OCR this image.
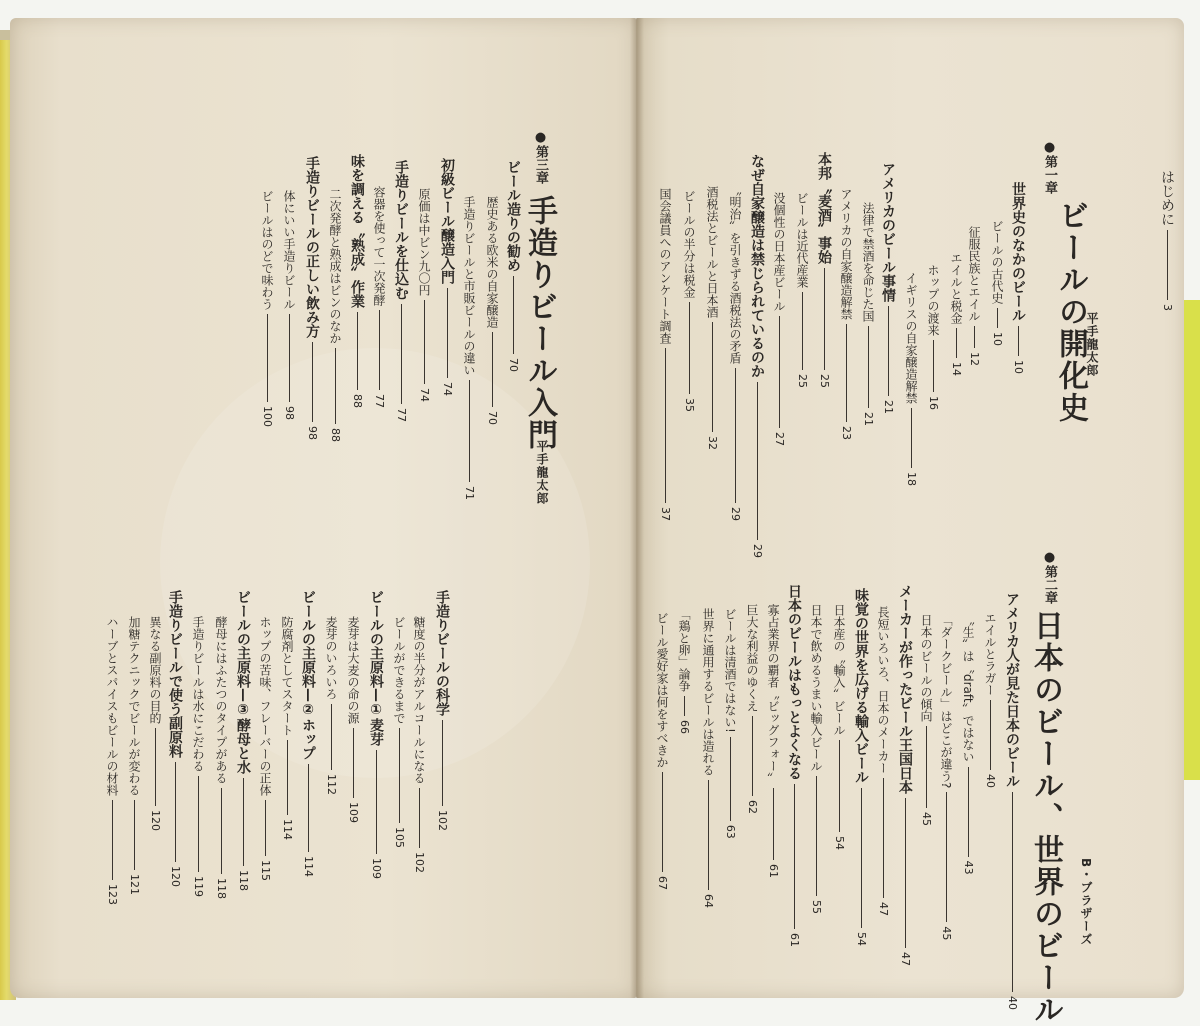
はじめに3
●第一章
ビールの開化史
平手龍太郎
世界史のなかのビール10
ビールの古代史10
征服民族とエイル12
エイルと税金14
ホップの渡来16
イギリスの自家醸造解禁18
アメリカのビール事情21
法律で禁酒を命じた国21
アメリカの自家醸造解禁23
本邦〝麦酒〟事始25
ビールは近代産業25
没個性の日本産ビール27
なぜ自家醸造は禁じられているのか29
〝明治〟を引きずる酒税法の矛盾29
酒税法とビールと日本酒32
ビールの半分は税金35
国会議員へのアンケート調査37
●第二章
日本のビール、世界のビール B・ブラザーズ
アメリカ人が見た日本のビール40
エイルとラガー40
〝生〟は〝draft〟ではない43
「ダークビール」はどこが違う?45
日本のビールの傾向45
メーカーが作ったビール王国日本47
長短いろいろ、日本のメーカー47
味覚の世界を広げる輸入ビール54
日本産の〝輸入〟ビール54
日本で飲めるうまい輸入ビール55
日本のビールはもっとよくなる61
寡占業界の覇者〝ビッグフォー〟61
巨大な利益のゆくえ62
ビールは清酒ではない!63
世界に通用するビールは造れる64
「鶏と卵」論争66
ビール愛好家は何をすべきか67
●第三章
手造りビール入門
平手龍太郎
ビール造りの勧め70
歴史ある欧米の自家醸造70
手造りビールと市販ビールの違い71
初級ビール醸造入門74
原価は中ビン九〇円74
手造りビールを仕込む77
容器を使って一次発酵77
味を調える〝熟成〟作業88
二次発酵と熟成はビンのなか88
手造りビールの正しい飲み方98
体にいい手造りビール98
ビールはのどで味わう100
手造りビールの科学102
糖度の半分がアルコールになる102
ビールができるまで105
ビールの主原料—①麦芽109
麦芽は大麦の命の源109
麦芽のいろいろ112
ビールの主原料—②ホップ114
防腐剤としてスタート114
ホップの苦味、フレーバーの正体115
ビールの主原料—③酵母と水118
酵母にはふたつのタイプがある118
手造りビールは水にこだわる119
手造りビールで使う副原料120
異なる副原料の目的120
加糖テクニックでビールが変わる121
ハーブとスパイスもビールの材料123
